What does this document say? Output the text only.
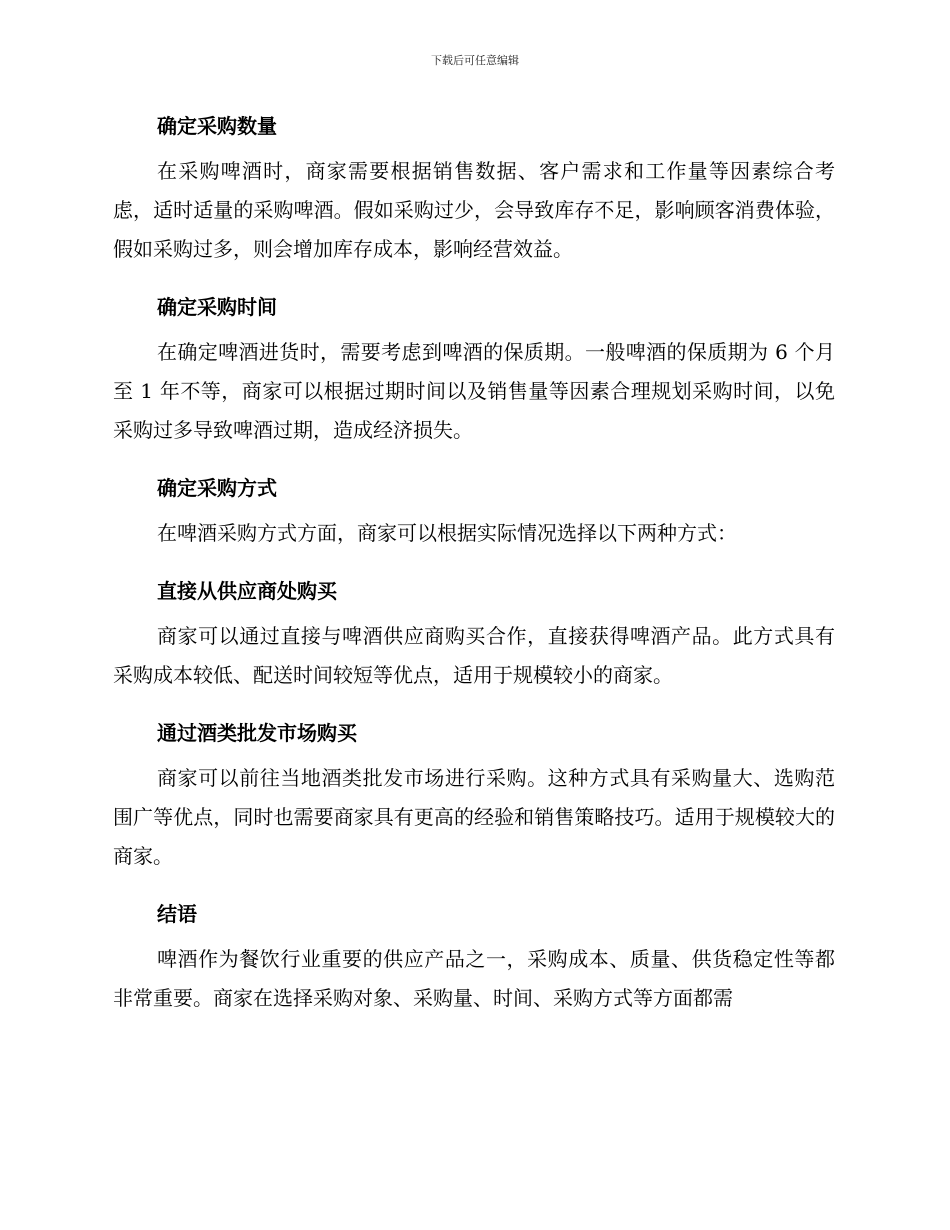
下载后可任意编辑
确定采购数量

在采购啤酒时，商家需要根据销售数据、客户需求和工作量等因素综合考虑，适时适量的采购啤酒。假如采购过少，会导致库存不足，影响顾客消费体验，假如采购过多，则会增加库存成本，影响经营效益。

确定采购时间

在确定啤酒进货时，需要考虑到啤酒的保质期。一般啤酒的保质期为 6 个月至 1 年不等，商家可以根据过期时间以及销售量等因素合理规划采购时间，以免采购过多导致啤酒过期，造成经济损失。

确定采购方式

在啤酒采购方式方面，商家可以根据实际情况选择以下两种方式：

直接从供应商处购买

商家可以通过直接与啤酒供应商购买合作，直接获得啤酒产品。此方式具有采购成本较低、配送时间较短等优点，适用于规模较小的商家。

通过酒类批发市场购买

商家可以前往当地酒类批发市场进行采购。这种方式具有采购量大、选购范围广等优点，同时也需要商家具有更高的经验和销售策略技巧。适用于规模较大的商家。

结语

啤酒作为餐饮行业重要的供应产品之一，采购成本、质量、供货稳定性等都非常重要。商家在选择采购对象、采购量、时间、采购方式等方面都需
